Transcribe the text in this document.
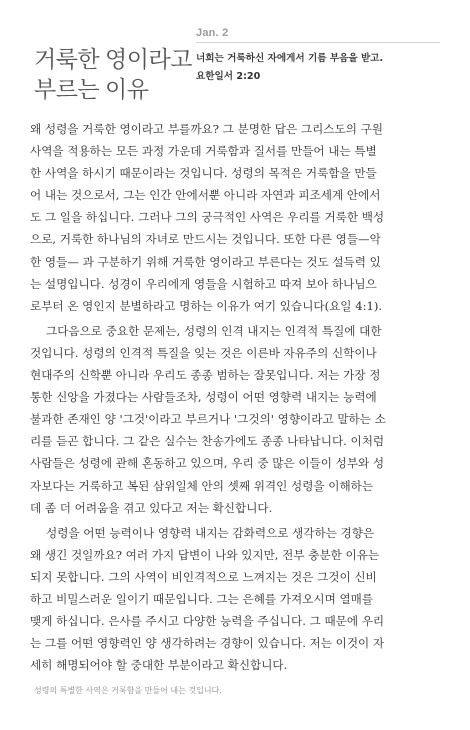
Jan. 2
거룩한 영이라고
부르는 이유
너희는 거룩하신 자에게서 기름 부음을 받고.
요한일서 2:20
왜 성령을 거룩한 영이라고 부를까요? 그 분명한 답은 그리스도의 구원
사역을 적용하는 모든 과정 가운데 거룩함과 질서를 만들어 내는 특별
한 사역을 하시기 때문이라는 것입니다. 성령의 목적은 거룩함을 만들
어 내는 것으로서, 그는 인간 안에서뿐 아니라 자연과 피조세계 안에서
도 그 일을 하십니다. 그러나 그의 궁극적인 사역은 우리를 거룩한 백성
으로, 거룩한 하나님의 자녀로 만드시는 것입니다. 또한 다른 영들—악
한 영들— 과 구분하기 위해 거룩한 영이라고 부른다는 것도 설득력 있
는 설명입니다. 성경이 우리에게 영들을 시험하고 따져 보아 하나님으
로부터 온 영인지 분별하라고 명하는 이유가 여기 있습니다(요일 4:1).
그다음으로 중요한 문제는, 성령의 인격 내지는 인격적 특질에 대한
것입니다. 성령의 인격적 특질을 잊는 것은 이른바 자유주의 신학이나
현대주의 신학뿐 아니라 우리도 종종 범하는 잘못입니다. 저는 가장 정
통한 신앙을 가졌다는 사람들조차, 성령이 어떤 영향력 내지는 능력에
불과한 존재인 양 '그것'이라고 부르거나 '그것의' 영향이라고 말하는 소
리를 듣곤 합니다. 그 같은 실수는 찬송가에도 종종 나타납니다. 이처럼
사람들은 성령에 관해 혼동하고 있으며, 우리 중 많은 이들이 성부와 성
자보다는 거룩하고 복된 삼위일체 안의 셋째 위격인 성령을 이해하는
데 좀 더 어려움을 겪고 있다고 저는 확신합니다.
성령을 어떤 능력이나 영향력 내지는 감화력으로 생각하는 경향은
왜 생긴 것일까요? 여러 가지 답변이 나와 있지만, 전부 충분한 이유는
되지 못합니다. 그의 사역이 비인격적으로 느껴지는 것은 그것이 신비
하고 비밀스러운 일이기 때문입니다. 그는 은혜를 가져오시며 열매를
맺게 하십니다. 은사를 주시고 다양한 능력을 주십니다. 그 때문에 우리
는 그를 어떤 영향력인 양 생각하려는 경향이 있습니다. 저는 이것이 자
세히 해명되어야 할 중대한 부분이라고 확신합니다.
성령의 특별한 사역은 거룩함을 만들어 내는 것입니다.
